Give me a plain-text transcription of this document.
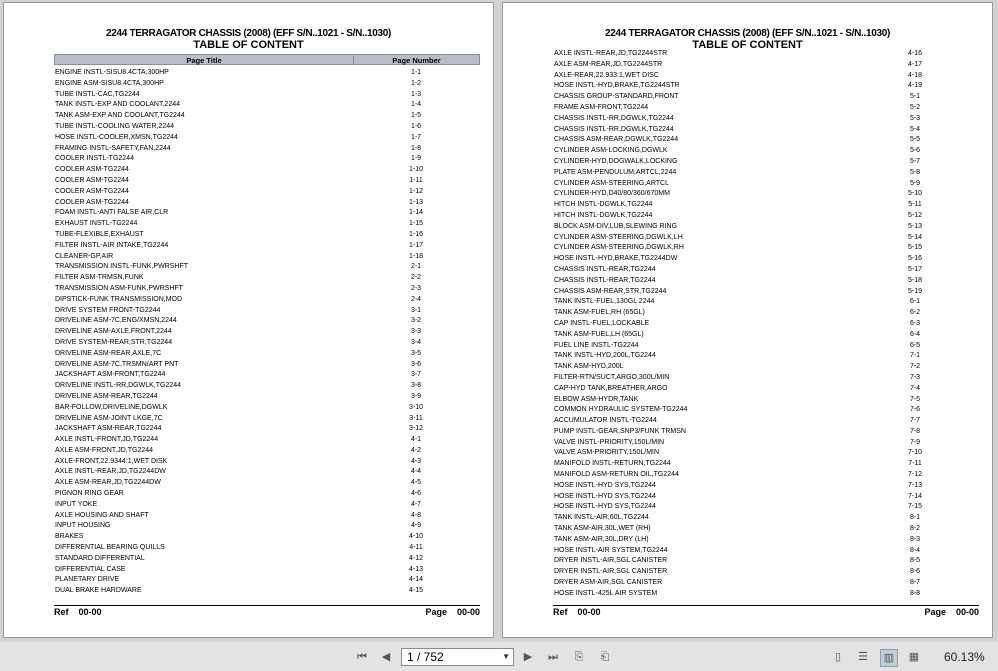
2244 TERRAGATOR CHASSIS (2008) (EFF S/N..1021 - S/N..1030)
TABLE OF CONTENT
Page Title	Page Number
ENGINE INSTL-SISU8.4CTA,300HP	1-1
ENGINE ASM-SISU8.4CTA,300HP	1-2
TUBE INSTL-CAC,TG2244	1-3
TANK INSTL-EXP AND COOLANT,2244	1-4
TANK ASM-EXP AND COOLANT,TG2244	1-5
TUBE INSTL-COOLING WATER,2244	1-6
HOSE INSTL-COOLER,XMSN,TG2244	1-7
FRAMING INSTL-SAFETY,FAN,2244	1-8
COOLER INSTL-TG2244	1-9
COOLER ASM-TG2244	1-10
COOLER ASM-TG2244	1-11
COOLER ASM-TG2244	1-12
COOLER ASM-TG2244	1-13
FOAM INSTL-ANTI FALSE AIR,CLR	1-14
EXHAUST INSTL-TG2244	1-15
TUBE-FLEXIBLE,EXHAUST	1-16
FILTER INSTL-AIR INTAKE,TG2244	1-17
CLEANER-GP,AIR	1-18
TRANSMISSION INSTL-FUNK,PWRSHFT	2-1
FILTER ASM-TRMSN,FUNK	2-2
TRANSMISSION ASM-FUNK,PWRSHFT	2-3
DIPSTICK-FUNK TRANSMISSION,MOD	2-4
DRIVE SYSTEM FRONT-TG2244	3-1
DRIVELINE ASM-7C,ENG/XMSN,2244	3-2
DRIVELINE ASM-AXLE,FRONT,2244	3-3
DRIVE SYSTEM-REAR,STR,TG2244	3-4
DRIVELINE ASM-REAR,AXLE,7C	3-5
DRIVELINE ASM-7C,TRSMN/ART PNT	3-6
JACKSHAFT ASM-FRONT,TG2244	3-7
DRIVELINE INSTL-RR,DGWLK,TG2244	3-8
DRIVELINE ASM-REAR,TG2244	3-9
BAR-FOLLOW,DRIVELINE,DGWLK	3-10
DRIVELINE ASM-JOINT LKGE,7C	3-11
JACKSHAFT ASM-REAR,TG2244	3-12
AXLE INSTL-FRONT,JD,TG2244	4-1
AXLE ASM-FRONT,JD,TG2244	4-2
AXLE-FRONT,22.9344:1,WET DISK	4-3
AXLE INSTL-REAR,JD,TG2244DW	4-4
AXLE ASM-REAR,JD,TG2244DW	4-5
PIGNON RING GEAR	4-6
INPUT YOKE	4-7
AXLE HOUSING AND SHAFT	4-8
INPUT HOUSING	4-9
BRAKES	4-10
DIFFERENTIAL BEARING QUILLS	4-11
STANDARD DIFFERENTIAL	4-12
DIFFERENTIAL CASE	4-13
PLANETARY DRIVE	4-14
DUAL BRAKE HARDWARE	4-15
Ref 00-00	Page 00-00
2244 TERRAGATOR CHASSIS (2008) (EFF S/N..1021 - S/N..1030)
TABLE OF CONTENT
AXLE INSTL-REAR,JD,TG2244STR	4-16
AXLE ASM-REAR,JD,TG2244STR	4-17
AXLE-REAR,22.933:1,WET DISC	4-18
HOSE INSTL-HYD,BRAKE,TG2244STR	4-19
CHASSIS GROUP-STANDARD,FRONT	5-1
FRAME ASM-FRONT,TG2244	5-2
CHASSIS INSTL-RR,DGWLK,TG2244	5-3
CHASSIS INSTL-RR,DGWLK,TG2244	5-4
CHASSIS ASM-REAR,DGWLK,TG2244	5-5
CYLINDER ASM-LOCKING,DGWLK	5-6
CYLINDER-HYD,DOGWALK,LOCKING	5-7
PLATE ASM-PENDULUM,ARTCL,2244	5-8
CYLINDER ASM-STEERING,ARTCL	5-9
CYLINDER-HYD,D40/80/360/670MM	5-10
HITCH INSTL-DGWLK,TG2244	5-11
HITCH INSTL-DGWLK,TG2244	5-12
BLOCK ASM-DIV,LUB,SLEWING RING	5-13
CYLINDER ASM-STEERING,DGWLK,LH	5-14
CYLINDER ASM-STEERING,DGWLK,RH	5-15
HOSE INSTL-HYD,BRAKE,TG2244DW	5-16
CHASSIS INSTL-REAR,TG2244	5-17
CHASSIS INSTL-REAR,TG2244	5-18
CHASSIS ASM-REAR,STR,TG2244	5-19
TANK INSTL-FUEL,130GL 2244	6-1
TANK ASM-FUEL,RH (65GL)	6-2
CAP INSTL-FUEL,LOCKABLE	6-3
TANK ASM-FUEL,LH (65GL)	6-4
FUEL LINE INSTL-TG2244	6-5
TANK INSTL-HYD,200L,TG2244	7-1
TANK ASM-HYD,200L	7-2
FILTER-RTN/SUCT,ARGO,300L/MIN	7-3
CAP-HYD TANK,BREATHER,ARGO	7-4
ELBOW ASM-HYDR,TANK	7-5
COMMON HYDRAULIC SYSTEM-TG2244	7-6
ACCUMULATOR INSTL-TG2244	7-7
PUMP INSTL-GEAR,SNP3/FUNK TRMSN	7-8
VALVE INSTL-PRIORITY,150L/MIN	7-9
VALVE ASM-PRIORITY,150L/MIN	7-10
MANIFOLD INSTL-RETURN,TG2244	7-11
MANIFOLD ASM-RETURN OIL,TG2244	7-12
HOSE INSTL-HYD SYS,TG2244	7-13
HOSE INSTL-HYD SYS,TG2244	7-14
HOSE INSTL-HYD SYS,TG2244	7-15
TANK INSTL-AIR,60L,TG2244	8-1
TANK ASM-AIR,30L,WET (RH)	8-2
TANK ASM-AIR,30L,DRY (LH)	8-3
HOSE INSTL-AIR SYSTEM,TG2244	8-4
DRYER INSTL-AIR,SGL CANISTER	8-5
DRYER INSTL-AIR,SGL CANISTER	8-6
DRYER ASM-AIR,SGL CANISTER	8-7
HOSE INSTL-425L AIR SYSTEM	8-8
Ref 00-00	Page 00-00
⏮	◀	1 / 752	▼	▶	⏭	⎘	⎗	▯	☰	▥	▦ 60.13%
